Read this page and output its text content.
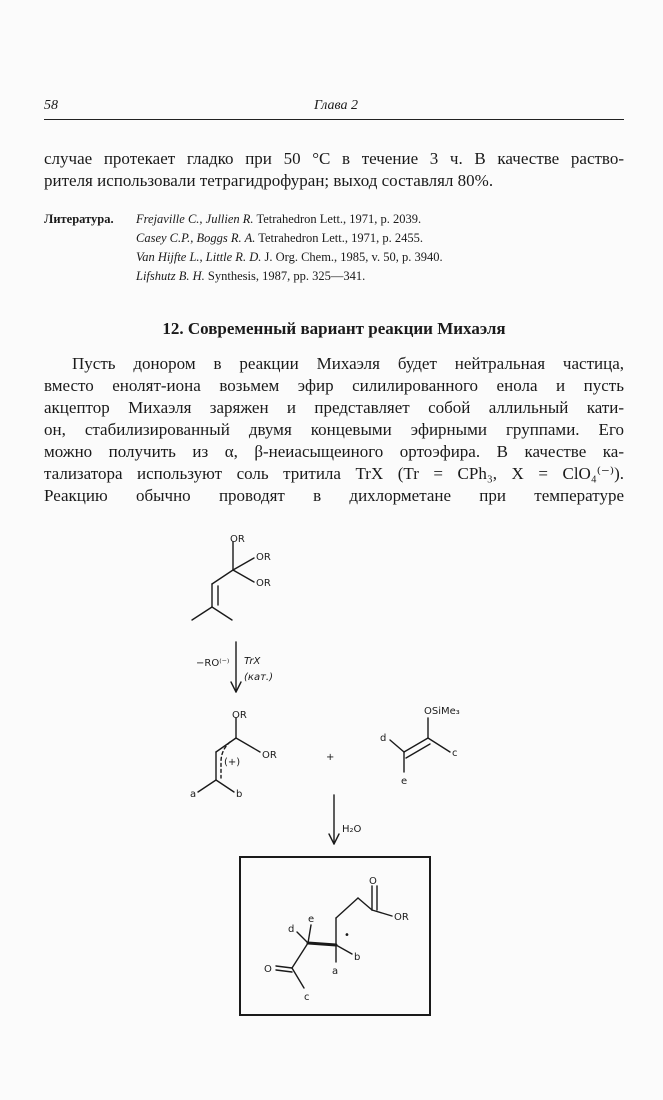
58	Глава 2
случае протекает гладко при 50 °С в течение 3 ч. В качестве раство-
рителя использовали тетрагидрофуран; выход составлял 80%.
Литература. Frejaville C., Jullien R. Tetrahedron Lett., 1971, p. 2039.
Casey C.P., Boggs R. A. Tetrahedron Lett., 1971, p. 2455.
Van Hijfte L., Little R. D. J. Org. Chem., 1985, v. 50, p. 3940.
Lifshutz B. H. Synthesis, 1987, pp. 325—341.
12. Современный вариант реакции Михаэля
Пусть донором в реакции Михаэля будет нейтральная частица,
вместо енолят-иона возьмем эфир силилированного енола и пусть
акцептор Михаэля заряжен и представляет собой аллильный кати-
он, стабилизированный двумя концевыми эфирными группами. Его
можно получить из α, β-неиасыщеиного ортоэфира. В качестве ка-
тализатора используют соль тритила TrX (Tr = CPh₃, X = ClO₄⁽⁻⁾).
Реакцию обычно проводят в дихлорметане при температуре
OR
OR
OR
−RO⁽⁻⁾ TrX
(кат.)
OR
OR
(+)
a	b
+
OSiMe₃
d
c
e
H₂O
O
OR
d
e
•
O	a
b
c
